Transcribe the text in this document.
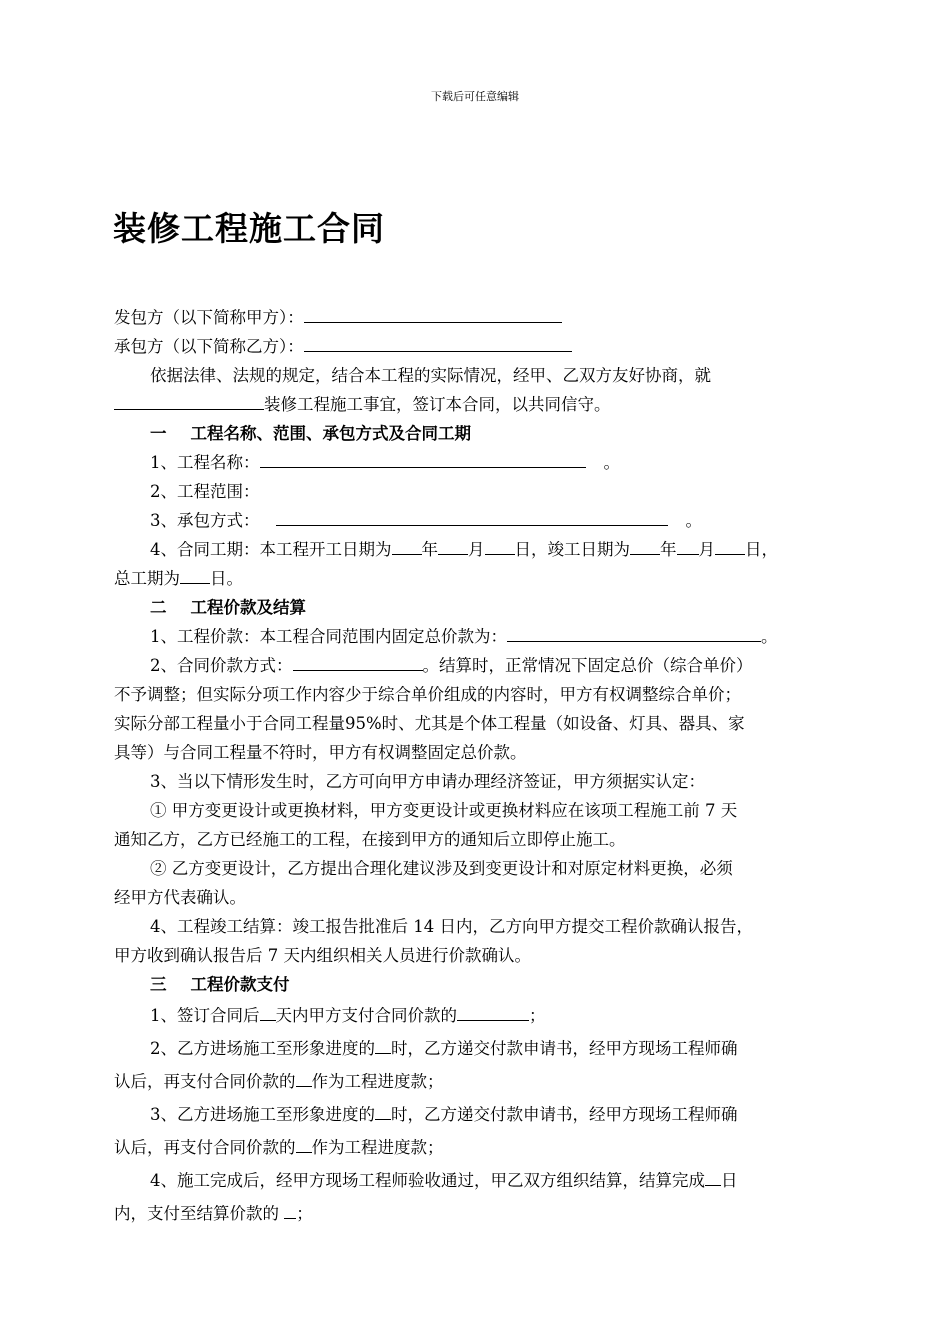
下载后可任意编辑
装修工程施工合同
发包方（以下简称甲方）：
承包方（以下简称乙方）：
依据法律、法规的规定，结合本工程的实际情况，经甲、乙双方友好协商，就
装修工程施工事宜，签订本合同，以共同信守。
一 工程名称、范围、承包方式及合同工期
1、工程名称：	。
2、工程范围：
3、承包方式：	。
4、合同工期：本工程开工日期为 年 月 日，竣工日期为 年 月 日，
总工期为 日。
二 工程价款及结算
1、工程价款：本工程合同范围内固定总价款为：	。
2、合同价款方式：	。结算时，正常情况下固定总价（综合单价）
不予调整；但实际分项工作内容少于综合单价组成的内容时，甲方有权调整综合单价；
实际分部工程量小于合同工程量95%时、尤其是个体工程量（如设备、灯具、器具、家
具等）与合同工程量不符时，甲方有权调整固定总价款。
3、当以下情形发生时，乙方可向甲方申请办理经济签证，甲方须据实认定：
① 甲方变更设计或更换材料，甲方变更设计或更换材料应在该项工程施工前 7 天
通知乙方，乙方已经施工的工程，在接到甲方的通知后立即停止施工。
② 乙方变更设计，乙方提出合理化建议涉及到变更设计和对原定材料更换，必须
经甲方代表确认。
4、工程竣工结算：竣工报告批准后 14 日内，乙方向甲方提交工程价款确认报告，
甲方收到确认报告后 7 天内组织相关人员进行价款确认。
三 工程价款支付
1、签订合同后 天内甲方支付合同价款的	；
2、乙方进场施工至形象进度的 时，乙方递交付款申请书，经甲方现场工程师确
认后，再支付合同价款的 作为工程进度款；
3、乙方进场施工至形象进度的 时，乙方递交付款申请书，经甲方现场工程师确
认后，再支付合同价款的 作为工程进度款；
4、施工完成后，经甲方现场工程师验收通过，甲乙双方组织结算，结算完成 日
内，支付至结算价款的 ；
